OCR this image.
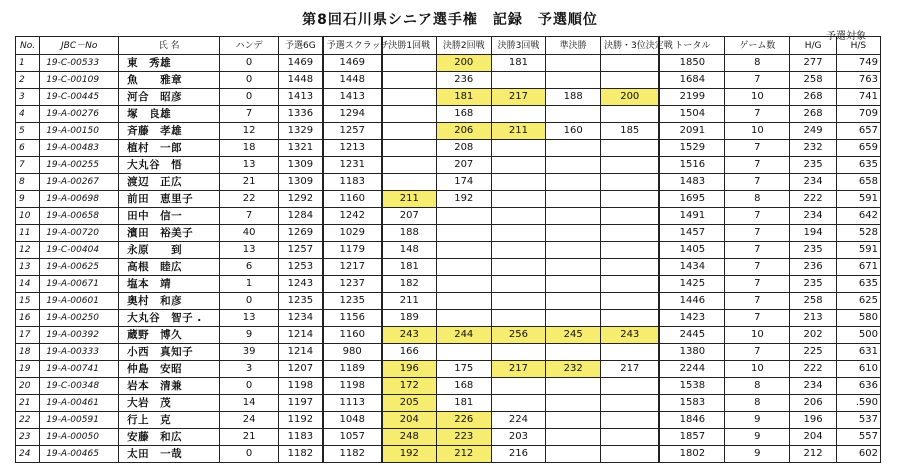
第8回石川県シニア選手権　記録　予選順位
予選対象
No.	JBC－No	氏 名	ハンデ	予選6G	予選スクラッチ	決勝1回戦	決勝2回戦	決勝3回戦	準決勝	決勝・3位決定戦	トータル	ゲーム数	H/G	H/S
1	19-C-00533	東　秀雄	0	1469	1469		200	181			1850	8	277	749
2	19-C-00109	魚　　雅章	0	1448	1448		236				1684	7	258	763
3	19-C-00445	河合　昭彦	0	1413	1413		181	217	188	200	2199	10	268	741
4	19-A-00276	塚　良雄	7	1336	1294		168				1504	7	268	709
5	19-A-00150	斉藤　孝雄	12	1329	1257		206	211	160	185	2091	10	249	657
6	19-A-00483	植村　一郎	18	1321	1213		208				1529	7	232	659
7	19-A-00255	大丸谷　悟	13	1309	1231		207				1516	7	235	635
8	19-A-00267	渡辺　正広	21	1309	1183		174				1483	7	234	658
9	19-A-00698	前田　恵里子	22	1292	1160	211	192				1695	8	222	591
10	19-A-00658	田中　信一	7	1284	1242	207					1491	7	234	642
11	19-A-00720	濱田　裕美子	40	1269	1029	188					1457	7	194	528
12	19-C-00404	永原　　到	13	1257	1179	148					1405	7	235	591
13	19-A-00625	高根　睦広	6	1253	1217	181					1434	7	236	671
14	19-A-00671	塩本　靖	1	1243	1237	182					1425	7	235	635
15	19-A-00601	奥村　和彦	0	1235	1235	211					1446	7	258	625
16	19-A-00250	大丸谷　智子 .	13	1234	1156	189					1423	7	213	580
17	19-A-00392	蔵野　博久	9	1214	1160	243	244	256	245	243	2445	10	202	500
18	19-A-00333	小西　真知子	39	1214	980	166					1380	7	225	631
19	19-A-00741	仲島　安昭	3	1207	1189	196	175	217	232	217	2244	10	222	610
20	19-C-00348	岩本　清兼	0	1198	1198	172	168				1538	8	234	636
21	19-A-00461	大岩　茂	14	1197	1113	205	181				1583	8	206	.590
22	19-A-00591	行上　克	24	1192	1048	204	226	224			1846	9	196	537
23	19-A-00050	安藤　和広	21	1183	1057	248	223	203			1857	9	204	557
24	19-A-00465	太田　一哉	0	1182	1182	192	212	216			1802	9	212	602
